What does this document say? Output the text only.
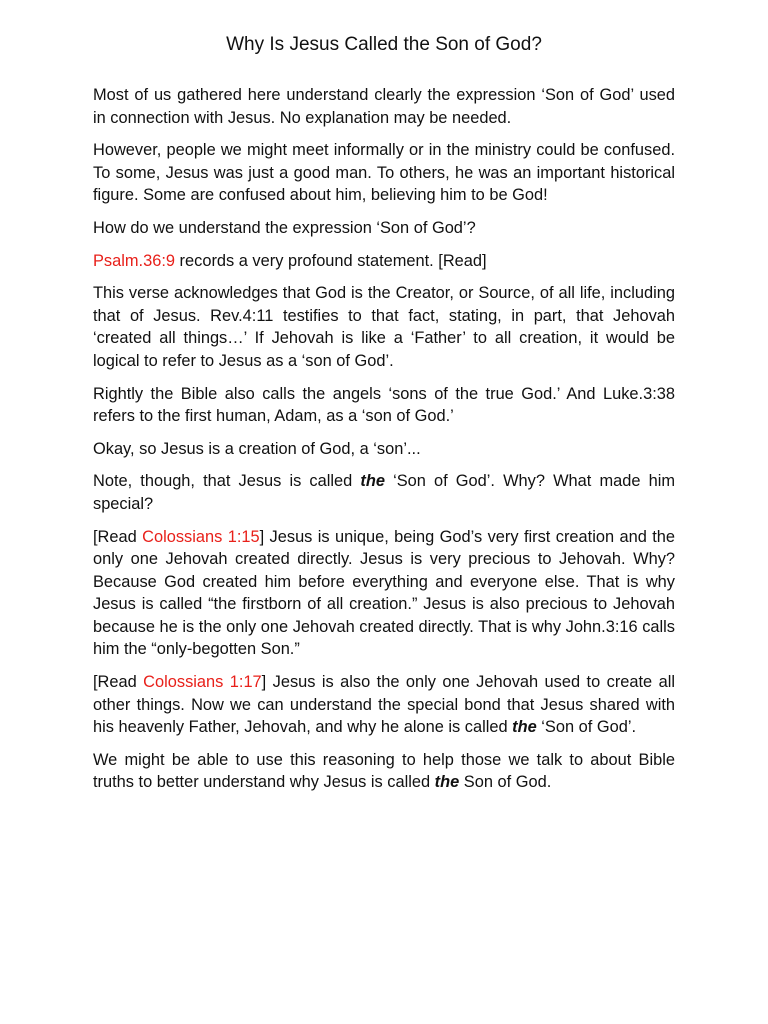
Why Is Jesus Called the Son of God?

Most of us gathered here understand clearly the expression ‘Son of God’ used in connection with Jesus. No explanation may be needed.

However, people we might meet informally or in the ministry could be confused. To some, Jesus was just a good man. To others, he was an important historical figure. Some are confused about him, believing him to be God!

How do we understand the expression ‘Son of God’?

Psalm.36:9 records a very profound statement. [Read]

This verse acknowledges that God is the Creator, or Source, of all life, including that of Jesus. Rev.4:11 testifies to that fact, stating, in part, that Jehovah ‘created all things…’ If Jehovah is like a ‘Father’ to all creation, it would be logical to refer to Jesus as a ‘son of God’.

Rightly the Bible also calls the angels ‘sons of the true God.’ And Luke.3:38 refers to the first human, Adam, as a ‘son of God.’

Okay, so Jesus is a creation of God, a ‘son’...

Note, though, that Jesus is called the ‘Son of God’. Why? What made him special?

[Read Colossians 1:15] Jesus is unique, being God’s very first creation and the only one Jehovah created directly. Jesus is very precious to Jehovah. Why? Because God created him before everything and everyone else. That is why Jesus is called “the firstborn of all creation.” Jesus is also precious to Jehovah because he is the only one Jehovah created directly. That is why John.3:16 calls him the “only-begotten Son.”

[Read Colossians 1:17] Jesus is also the only one Jehovah used to create all other things. Now we can understand the special bond that Jesus shared with his heavenly Father, Jehovah, and why he alone is called the ‘Son of God’.

We might be able to use this reasoning to help those we talk to about Bible truths to better understand why Jesus is called the Son of God.
